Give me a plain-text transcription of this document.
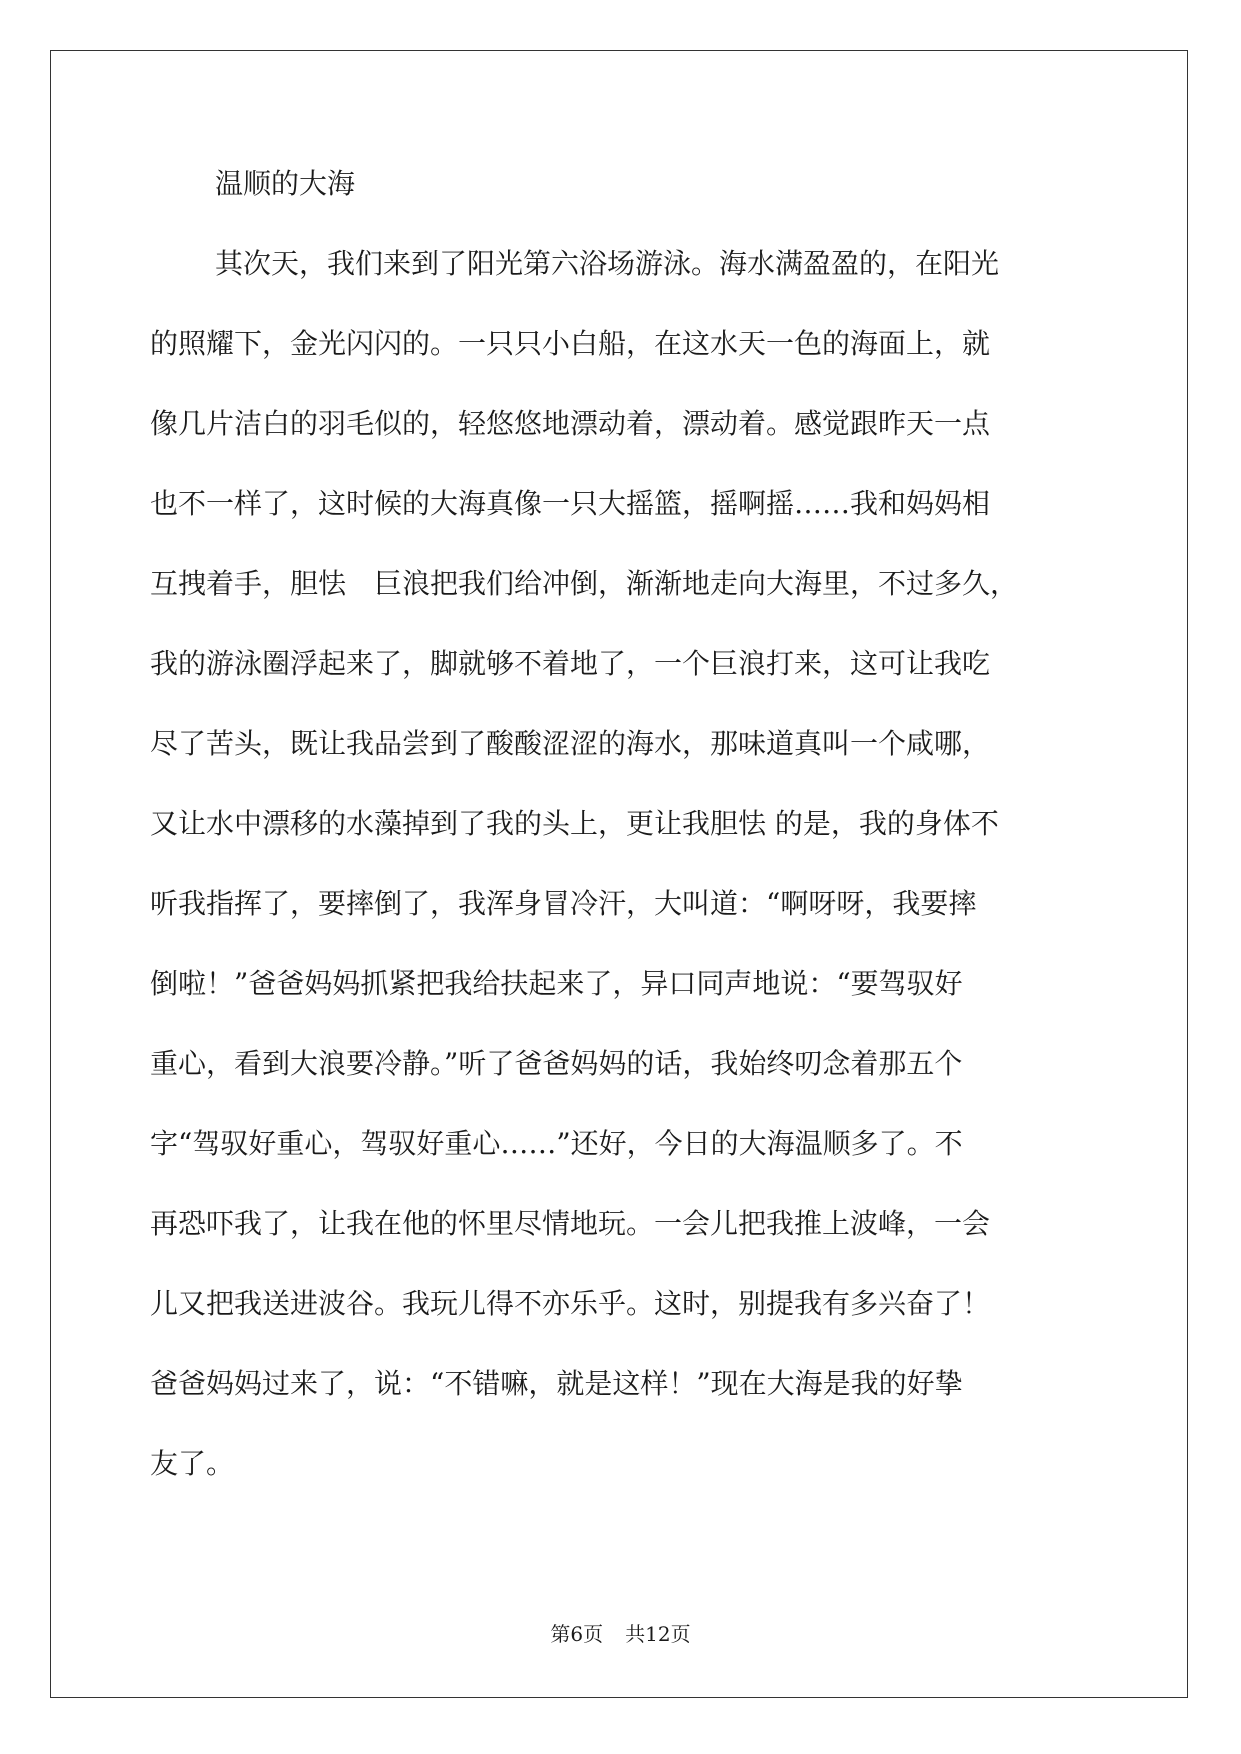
温顺的大海
其次天，我们来到了阳光第六浴场游泳。海水满盈盈的，在阳光
的照耀下，金光闪闪的。一只只小白船，在这水天一色的海面上，就
像几片洁白的羽毛似的，轻悠悠地漂动着，漂动着。感觉跟昨天一点
也不一样了，这时候的大海真像一只大摇篮，摇啊摇……我和妈妈相
互拽着手，胆怯　巨浪把我们给冲倒，渐渐地走向大海里，不过多久，
我的游泳圈浮起来了，脚就够不着地了，一个巨浪打来，这可让我吃
尽了苦头，既让我品尝到了酸酸涩涩的海水，那味道真叫一个咸哪，
又让水中漂移的水藻掉到了我的头上，更让我胆怯 的是，我的身体不
听我指挥了，要摔倒了，我浑身冒冷汗，大叫道：“啊呀呀，我要摔
倒啦！”爸爸妈妈抓紧把我给扶起来了，异口同声地说：“要驾驭好
重心，看到大浪要冷静。”听了爸爸妈妈的话，我始终叨念着那五个
字“驾驭好重心，驾驭好重心……”还好，今日的大海温顺多了。不
再恐吓我了，让我在他的怀里尽情地玩。一会儿把我推上波峰，一会
儿又把我送进波谷。我玩儿得不亦乐乎。这时，别提我有多兴奋了！
爸爸妈妈过来了，说：“不错嘛，就是这样！”现在大海是我的好挚
友了。
第6页 共12页
